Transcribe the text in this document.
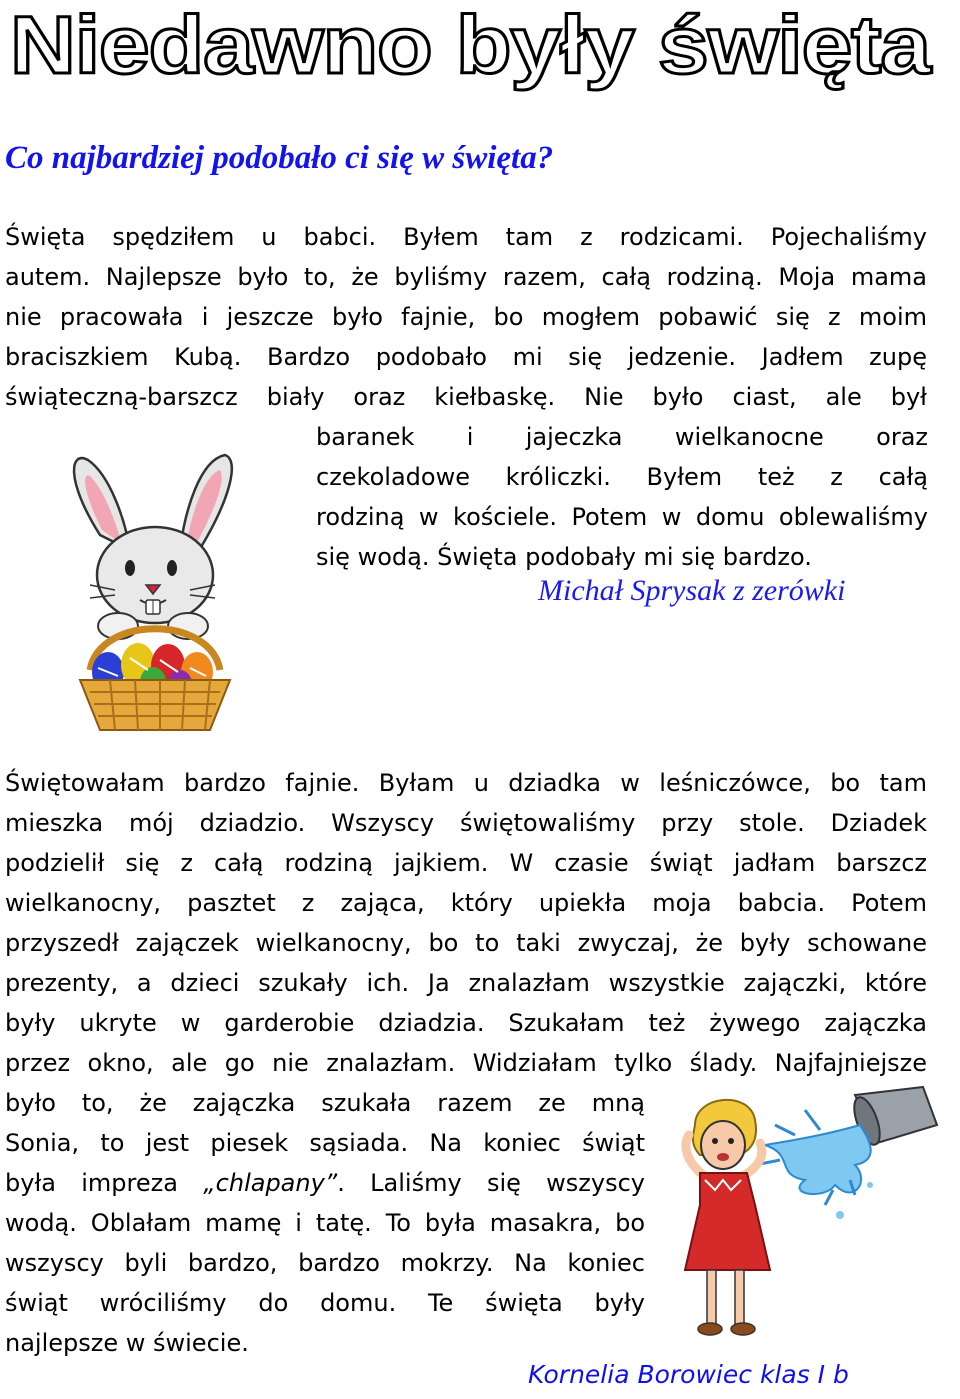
Niedawno były święta

Co najbardziej podobało ci się w święta?

Święta spędziłem u babci. Byłem tam z rodzicami. Pojechaliśmy
autem. Najlepsze było to, że byliśmy razem, całą rodziną. Moja mama
nie pracowała i jeszcze było fajnie, bo mogłem pobawić się z moim
braciszkiem Kubą. Bardzo podobało mi się jedzenie. Jadłem zupę
świąteczną-barszcz biały oraz kiełbaskę. Nie było ciast, ale był
baranek i jajeczka wielkanocne oraz
czekoladowe króliczki. Byłem też z całą
rodziną w kościele. Potem w domu oblewaliśmy
się wodą. Święta podobały mi się bardzo.

Michał Sprysak z zerówki

Świętowałam bardzo fajnie. Byłam u dziadka w leśniczówce, bo tam
mieszka mój dziadzio. Wszyscy świętowaliśmy przy stole. Dziadek
podzielił się z całą rodziną jajkiem. W czasie świąt jadłam barszcz
wielkanocny, pasztet z zająca, który upiekła moja babcia. Potem
przyszedł zajączek wielkanocny, bo to taki zwyczaj, że były schowane
prezenty, a dzieci szukały ich. Ja znalazłam wszystkie zajączki, które
były ukryte w garderobie dziadzia. Szukałam też żywego zajączka
przez okno, ale go nie znalazłam. Widziałam tylko ślady. Najfajniejsze
było to, że zajączka szukała razem ze mną
Sonia, to jest piesek sąsiada. Na koniec świąt
była impreza „chlapany”. Laliśmy się wszyscy
wodą. Oblałam mamę i tatę. To była masakra, bo
wszyscy byli bardzo, bardzo mokrzy. Na koniec
świąt wróciliśmy do domu. Te święta były
najlepsze w świecie.

Kornelia Borowiec klas I b
